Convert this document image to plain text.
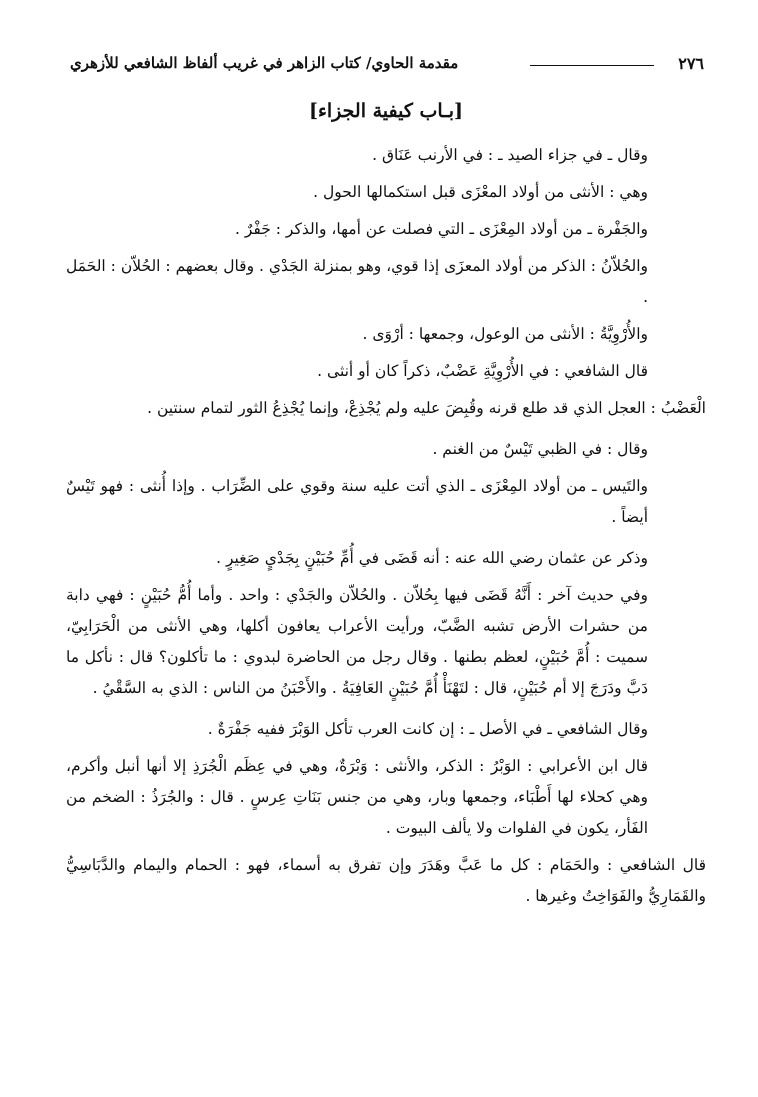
٢٧٦
مقدمة الحاوي/ كتاب الزاهر في غريب ألفاظ الشافعي للأزهري
[بـاب كيفية الجزاء]

وقال ـ في جزاء الصيد ـ : في الأرنب عَنَاق .

وهي : الأنثى من أولاد المعْزَى قبل استكمالها الحول .

والجَفْرة ـ من أولاد المِعْزَى ـ التي فصلت عن أمها، والذكر : جَفْرٌ .

والحُلاّنُ : الذكر من أولاد المعزَى إذا قوي، وهو بمنزلة الجَدْي . وقال بعضهم : الحُلاّن : الحَمَل .

والأُرْوِيَّةُ : الأنثى من الوعول، وجمعها : أرْوَى .

قال الشافعي : في الأُرْوِيَّةِ عَضْبٌ، ذكراً كان أو أنثى .

الْعَضْبُ : العجل الذي قد طلع قرنه وقُبِضَ عليه ولم يُجْذِعْ، وإنما يُجْذِعُ الثور لتمام سنتين .

وقال : في الظبي تَيْسٌ من الغنم .

والتَيس ـ من أولاد المِعْزَى ـ الذي أتت عليه سنة وقوي على الضِّرَاب . وإذا أُنثى : فهو تَيْسٌ أيضاً .

وذكر عن عثمان رضي الله عنه : أنه قَضَى في أُمِّ حُبَيْنٍ بِجَدْيٍ صَغِيرٍ .

وفي حديث آخر : أَنَّهُ قَضَى فيها بِحُلاّن . والحُلاّن والجَدْي : واحد . وأما أُمُّ حُبَيْنٍ : فهي دابة من حشرات الأرض تشبه الضَّبّ، ورأيت الأعراب يعافون أكلها، وهي الأنثى من الْحَرَابِيّ، سميت : أُمَّ حُبَيْنٍ، لعظم بطنها . وقال رجل من الحاضرة لبدوي : ما تأكلون؟ قال : نأكل ما دَبَّ ودَرَجَ إلا أم حُبَيْنٍ، قال : لتَهْنَأْ أُمَّ حُبَيْنٍ العَافِيَةُ . والأَحْبَنُ من الناس : الذي به السَّقْيُ .

وقال الشافعي ـ في الأصل ـ : إن كانت العرب تأكل الوَبْرَ ففيه جَفْرَةٌ .

قال ابن الأعرابي : الوَبْرُ : الذكر، والأنثى : وَبْرَةٌ، وهي في عِظَم الْجُرَذِ إلا أنها أنبل وأكرم، وهي كحلاء لها أَطْبَاء، وجمعها وبار، وهي من جنس بَنَاتِ عِرسٍ . قال : والجُرَذُ : الضخم من الفَأر، يكون في الفلوات ولا يألف البيوت .

قال الشافعي : والحَمَام : كل ما عَبَّ وهَدَرَ وإن تفرق به أسماء، فهو : الحمام واليمام والدَّبَاسِيُّ والقَمَارِيُّ والفَوَاخِتُ وغيرها .
